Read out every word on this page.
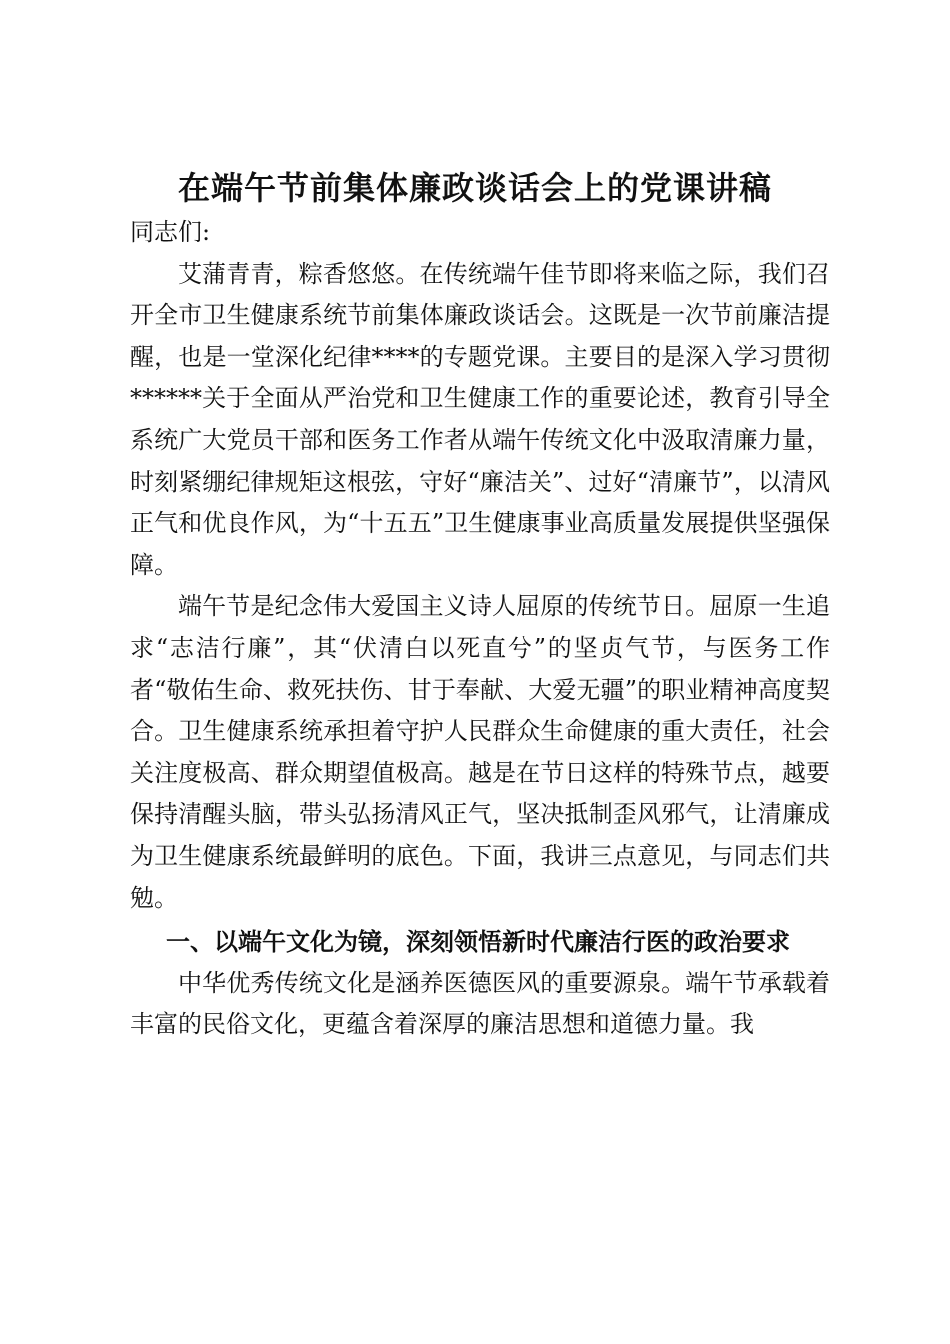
在端午节前集体廉政谈话会上的党课讲稿

同志们:

艾蒲青青，粽香悠悠。在传统端午佳节即将来临之际，我们召开全市卫生健康系统节前集体廉政谈话会。这既是一次节前廉洁提醒，也是一堂深化纪律****的专题党课。主要目的是深入学习贯彻******关于全面从严治党和卫生健康工作的重要论述，教育引导全系统广大党员干部和医务工作者从端午传统文化中汲取清廉力量，时刻紧绷纪律规矩这根弦，守好“廉洁关”、过好“清廉节”，以清风正气和优良作风，为“十五五”卫生健康事业高质量发展提供坚强保障。

端午节是纪念伟大爱国主义诗人屈原的传统节日。屈原一生追求“志洁行廉”，其“伏清白以死直兮”的坚贞气节，与医务工作者“敬佑生命、救死扶伤、甘于奉献、大爱无疆”的职业精神高度契合。卫生健康系统承担着守护人民群众生命健康的重大责任，社会关注度极高、群众期望值极高。越是在节日这样的特殊节点，越要保持清醒头脑，带头弘扬清风正气，坚决抵制歪风邪气，让清廉成为卫生健康系统最鲜明的底色。下面，我讲三点意见，与同志们共勉。

一、以端午文化为镜，深刻领悟新时代廉洁行医的政治要求

中华优秀传统文化是涵养医德医风的重要源泉。端午节承载着丰富的民俗文化，更蕴含着深厚的廉洁思想和道德力量。我
